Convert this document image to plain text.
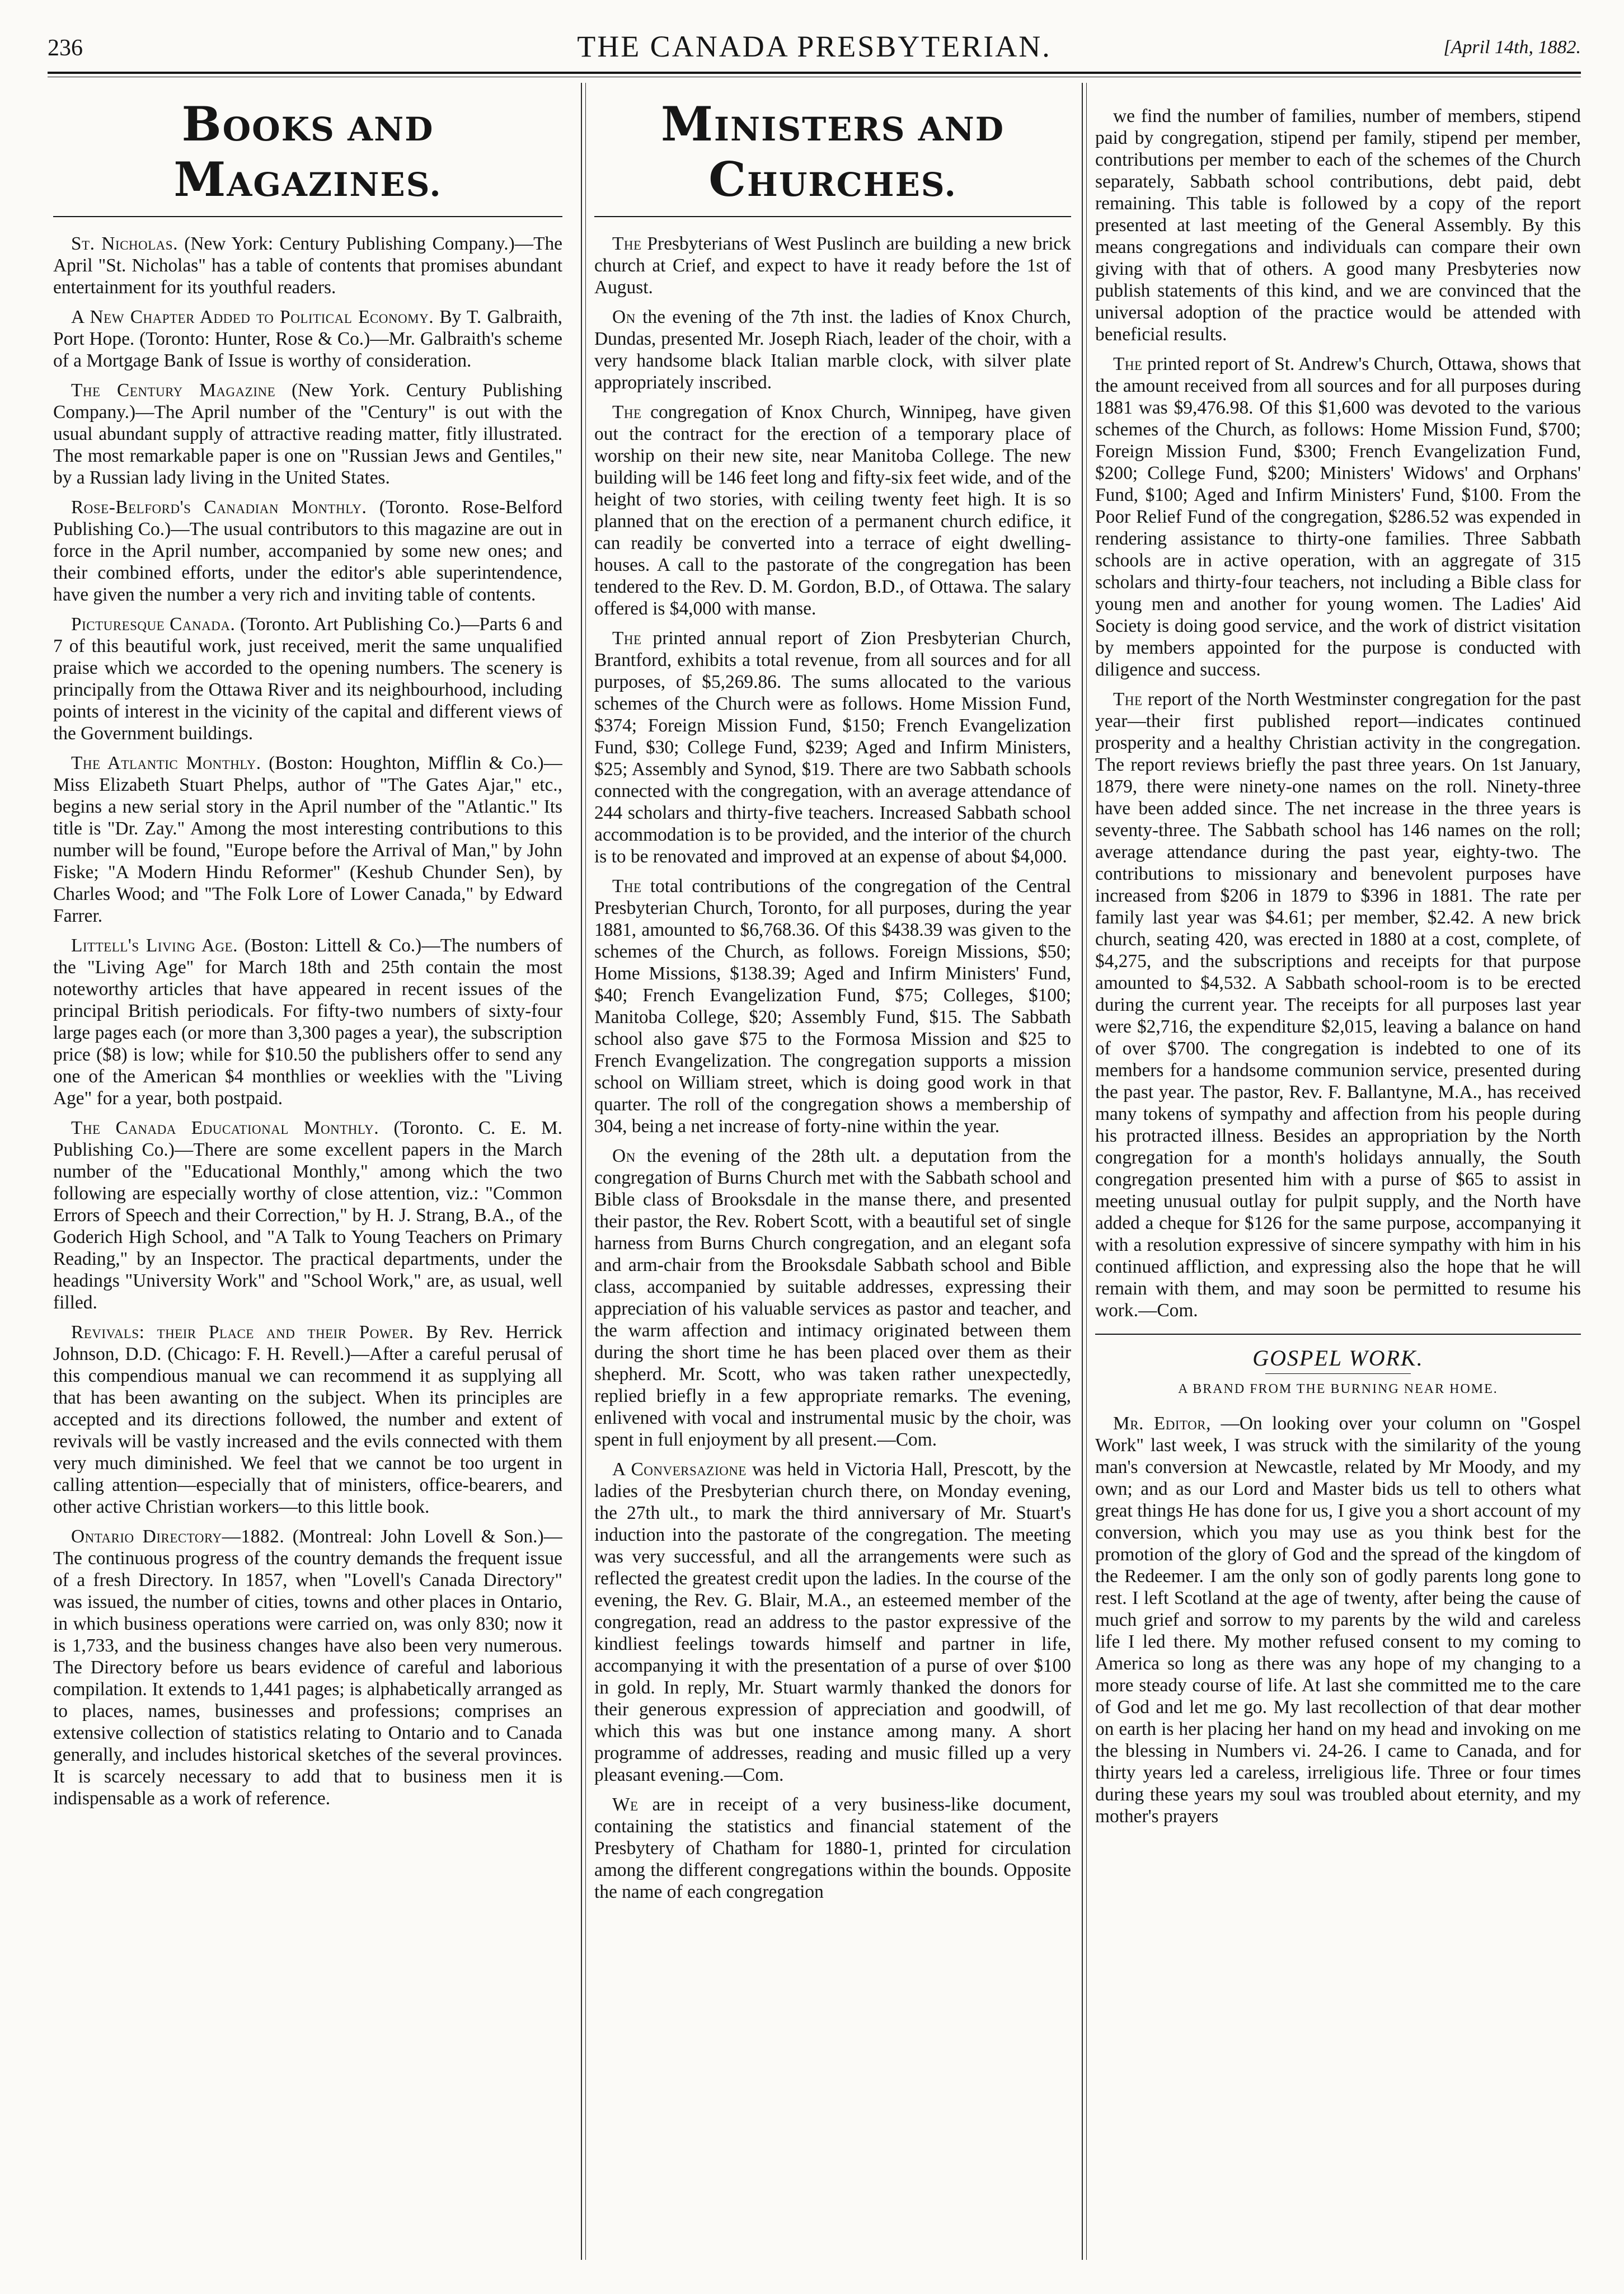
236	THE CANADA PRESBYTERIAN.	[April 14th, 1882.
BOOKS AND MAGAZINES.

St. Nicholas. (New York: Century Publishing Company.)—The April "St. Nicholas" has a table of contents that promises abundant entertainment for its youthful readers.

A New Chapter Added to Political Economy. By T. Galbraith, Port Hope. (Toronto: Hunter, Rose & Co.)—Mr. Galbraith's scheme of a Mortgage Bank of Issue is worthy of consideration.

The Century Magazine (New York. Century Publishing Company.)—The April number of the "Century" is out with the usual abundant supply of attractive reading matter, fitly illustrated. The most remarkable paper is one on "Russian Jews and Gentiles," by a Russian lady living in the United States.

Rose-Belford's Canadian Monthly. (Toronto. Rose-Belford Publishing Co.)—The usual contributors to this magazine are out in force in the April number, accompanied by some new ones; and their combined efforts, under the editor's able superintendence, have given the number a very rich and inviting table of contents.

Picturesque Canada. (Toronto. Art Publishing Co.)—Parts 6 and 7 of this beautiful work, just received, merit the same unqualified praise which we accorded to the opening numbers. The scenery is principally from the Ottawa River and its neighbourhood, including points of interest in the vicinity of the capital and different views of the Government buildings.

The Atlantic Monthly. (Boston: Houghton, Mifflin & Co.)—Miss Elizabeth Stuart Phelps, author of "The Gates Ajar," etc., begins a new serial story in the April number of the "Atlantic." Its title is "Dr. Zay." Among the most interesting contributions to this number will be found, "Europe before the Arrival of Man," by John Fiske; "A Modern Hindu Reformer" (Keshub Chunder Sen), by Charles Wood; and "The Folk Lore of Lower Canada," by Edward Farrer.

Littell's Living Age. (Boston: Littell & Co.)—The numbers of the "Living Age" for March 18th and 25th contain the most noteworthy articles that have appeared in recent issues of the principal British periodicals. For fifty-two numbers of sixty-four large pages each (or more than 3,300 pages a year), the subscription price ($8) is low; while for $10.50 the publishers offer to send any one of the American $4 monthlies or weeklies with the "Living Age" for a year, both postpaid.

The Canada Educational Monthly. (Toronto. C. E. M. Publishing Co.)—There are some excellent papers in the March number of the "Educational Monthly," among which the two following are especially worthy of close attention, viz.: "Common Errors of Speech and their Correction," by H. J. Strang, B.A., of the Goderich High School, and "A Talk to Young Teachers on Primary Reading," by an Inspector. The practical departments, under the headings "University Work" and "School Work," are, as usual, well filled.

Revivals: their Place and their Power. By Rev. Herrick Johnson, D.D. (Chicago: F. H. Revell.)—After a careful perusal of this compendious manual we can recommend it as supplying all that has been awanting on the subject. When its principles are accepted and its directions followed, the number and extent of revivals will be vastly increased and the evils connected with them very much diminished. We feel that we cannot be too urgent in calling attention—especially that of ministers, office-bearers, and other active Christian workers—to this little book.

Ontario Directory—1882. (Montreal: John Lovell & Son.)—The continuous progress of the country demands the frequent issue of a fresh Directory. In 1857, when "Lovell's Canada Directory" was issued, the number of cities, towns and other places in Ontario, in which business operations were carried on, was only 830; now it is 1,733, and the business changes have also been very numerous. The Directory before us bears evidence of careful and laborious compilation. It extends to 1,441 pages; is alphabetically arranged as to places, names, businesses and professions; comprises an extensive collection of statistics relating to Ontario and to Canada generally, and includes historical sketches of the several provinces. It is scarcely necessary to add that to business men it is indispensable as a work of reference.

MINISTERS AND CHURCHES.

The Presbyterians of West Puslinch are building a new brick church at Crief, and expect to have it ready before the 1st of August.

On the evening of the 7th inst. the ladies of Knox Church, Dundas, presented Mr. Joseph Riach, leader of the choir, with a very handsome black Italian marble clock, with silver plate appropriately inscribed.

The congregation of Knox Church, Winnipeg, have given out the contract for the erection of a temporary place of worship on their new site, near Manitoba College. The new building will be 146 feet long and fifty-six feet wide, and of the height of two stories, with ceiling twenty feet high. It is so planned that on the erection of a permanent church edifice, it can readily be converted into a terrace of eight dwelling-houses. A call to the pastorate of the congregation has been tendered to the Rev. D. M. Gordon, B.D., of Ottawa. The salary offered is $4,000 with manse.

The printed annual report of Zion Presbyterian Church, Brantford, exhibits a total revenue, from all sources and for all purposes, of $5,269.86. The sums allocated to the various schemes of the Church were as follows. Home Mission Fund, $374; Foreign Mission Fund, $150; French Evangelization Fund, $30; College Fund, $239; Aged and Infirm Ministers, $25; Assembly and Synod, $19. There are two Sabbath schools connected with the congregation, with an average attendance of 244 scholars and thirty-five teachers. Increased Sabbath school accommodation is to be provided, and the interior of the church is to be renovated and improved at an expense of about $4,000.

The total contributions of the congregation of the Central Presbyterian Church, Toronto, for all purposes, during the year 1881, amounted to $6,768.36. Of this $438.39 was given to the schemes of the Church, as follows. Foreign Missions, $50; Home Missions, $138.39; Aged and Infirm Ministers' Fund, $40; French Evangelization Fund, $75; Colleges, $100; Manitoba College, $20; Assembly Fund, $15. The Sabbath school also gave $75 to the Formosa Mission and $25 to French Evangelization. The congregation supports a mission school on William street, which is doing good work in that quarter. The roll of the congregation shows a membership of 304, being a net increase of forty-nine within the year.

On the evening of the 28th ult. a deputation from the congregation of Burns Church met with the Sabbath school and Bible class of Brooksdale in the manse there, and presented their pastor, the Rev. Robert Scott, with a beautiful set of single harness from Burns Church congregation, and an elegant sofa and arm-chair from the Brooksdale Sabbath school and Bible class, accompanied by suitable addresses, expressing their appreciation of his valuable services as pastor and teacher, and the warm affection and intimacy originated between them during the short time he has been placed over them as their shepherd. Mr. Scott, who was taken rather unexpectedly, replied briefly in a few appropriate remarks. The evening, enlivened with vocal and instrumental music by the choir, was spent in full enjoyment by all present.—Com.

A Conversazione was held in Victoria Hall, Prescott, by the ladies of the Presbyterian church there, on Monday evening, the 27th ult., to mark the third anniversary of Mr. Stuart's induction into the pastorate of the congregation. The meeting was very successful, and all the arrangements were such as reflected the greatest credit upon the ladies. In the course of the evening, the Rev. G. Blair, M.A., an esteemed member of the congregation, read an address to the pastor expressive of the kindliest feelings towards himself and partner in life, accompanying it with the presentation of a purse of over $100 in gold. In reply, Mr. Stuart warmly thanked the donors for their generous expression of appreciation and goodwill, of which this was but one instance among many. A short programme of addresses, reading and music filled up a very pleasant evening.—Com.

We are in receipt of a very business-like document, containing the statistics and financial statement of the Presbytery of Chatham for 1880-1, printed for circulation among the different congregations within the bounds. Opposite the name of each congregation

we find the number of families, number of members, stipend paid by congregation, stipend per family, stipend per member, contributions per member to each of the schemes of the Church separately, Sabbath school contributions, debt paid, debt remaining. This table is followed by a copy of the report presented at last meeting of the General Assembly. By this means congregations and individuals can compare their own giving with that of others. A good many Presbyteries now publish statements of this kind, and we are convinced that the universal adoption of the practice would be attended with beneficial results.

The printed report of St. Andrew's Church, Ottawa, shows that the amount received from all sources and for all purposes during 1881 was $9,476.98. Of this $1,600 was devoted to the various schemes of the Church, as follows: Home Mission Fund, $700; Foreign Mission Fund, $300; French Evangelization Fund, $200; College Fund, $200; Ministers' Widows' and Orphans' Fund, $100; Aged and Infirm Ministers' Fund, $100. From the Poor Relief Fund of the congregation, $286.52 was expended in rendering assistance to thirty-one families. Three Sabbath schools are in active operation, with an aggregate of 315 scholars and thirty-four teachers, not including a Bible class for young men and another for young women. The Ladies' Aid Society is doing good service, and the work of district visitation by members appointed for the purpose is conducted with diligence and success.

The report of the North Westminster congregation for the past year—their first published report—indicates continued prosperity and a healthy Christian activity in the congregation. The report reviews briefly the past three years. On 1st January, 1879, there were ninety-one names on the roll. Ninety-three have been added since. The net increase in the three years is seventy-three. The Sabbath school has 146 names on the roll; average attendance during the past year, eighty-two. The contributions to missionary and benevolent purposes have increased from $206 in 1879 to $396 in 1881. The rate per family last year was $4.61; per member, $2.42. A new brick church, seating 420, was erected in 1880 at a cost, complete, of $4,275, and the subscriptions and receipts for that purpose amounted to $4,532. A Sabbath school-room is to be erected during the current year. The receipts for all purposes last year were $2,716, the expenditure $2,015, leaving a balance on hand of over $700. The congregation is indebted to one of its members for a handsome communion service, presented during the past year. The pastor, Rev. F. Ballantyne, M.A., has received many tokens of sympathy and affection from his people during his protracted illness. Besides an appropriation by the North congregation for a month's holidays annually, the South congregation presented him with a purse of $65 to assist in meeting unusual outlay for pulpit supply, and the North have added a cheque for $126 for the same purpose, accompanying it with a resolution expressive of sincere sympathy with him in his continued affliction, and expressing also the hope that he will remain with them, and may soon be permitted to resume his work.—Com.

GOSPEL WORK.
A BRAND FROM THE BURNING NEAR HOME.

Mr. Editor, —On looking over your column on "Gospel Work" last week, I was struck with the similarity of the young man's conversion at Newcastle, related by Mr Moody, and my own; and as our Lord and Master bids us tell to others what great things He has done for us, I give you a short account of my conversion, which you may use as you think best for the promotion of the glory of God and the spread of the kingdom of the Redeemer. I am the only son of godly parents long gone to rest. I left Scotland at the age of twenty, after being the cause of much grief and sorrow to my parents by the wild and careless life I led there. My mother refused consent to my coming to America so long as there was any hope of my changing to a more steady course of life. At last she committed me to the care of God and let me go. My last recollection of that dear mother on earth is her placing her hand on my head and invoking on me the blessing in Numbers vi. 24-26. I came to Canada, and for thirty years led a careless, irreligious life. Three or four times during these years my soul was troubled about eternity, and my mother's prayers
